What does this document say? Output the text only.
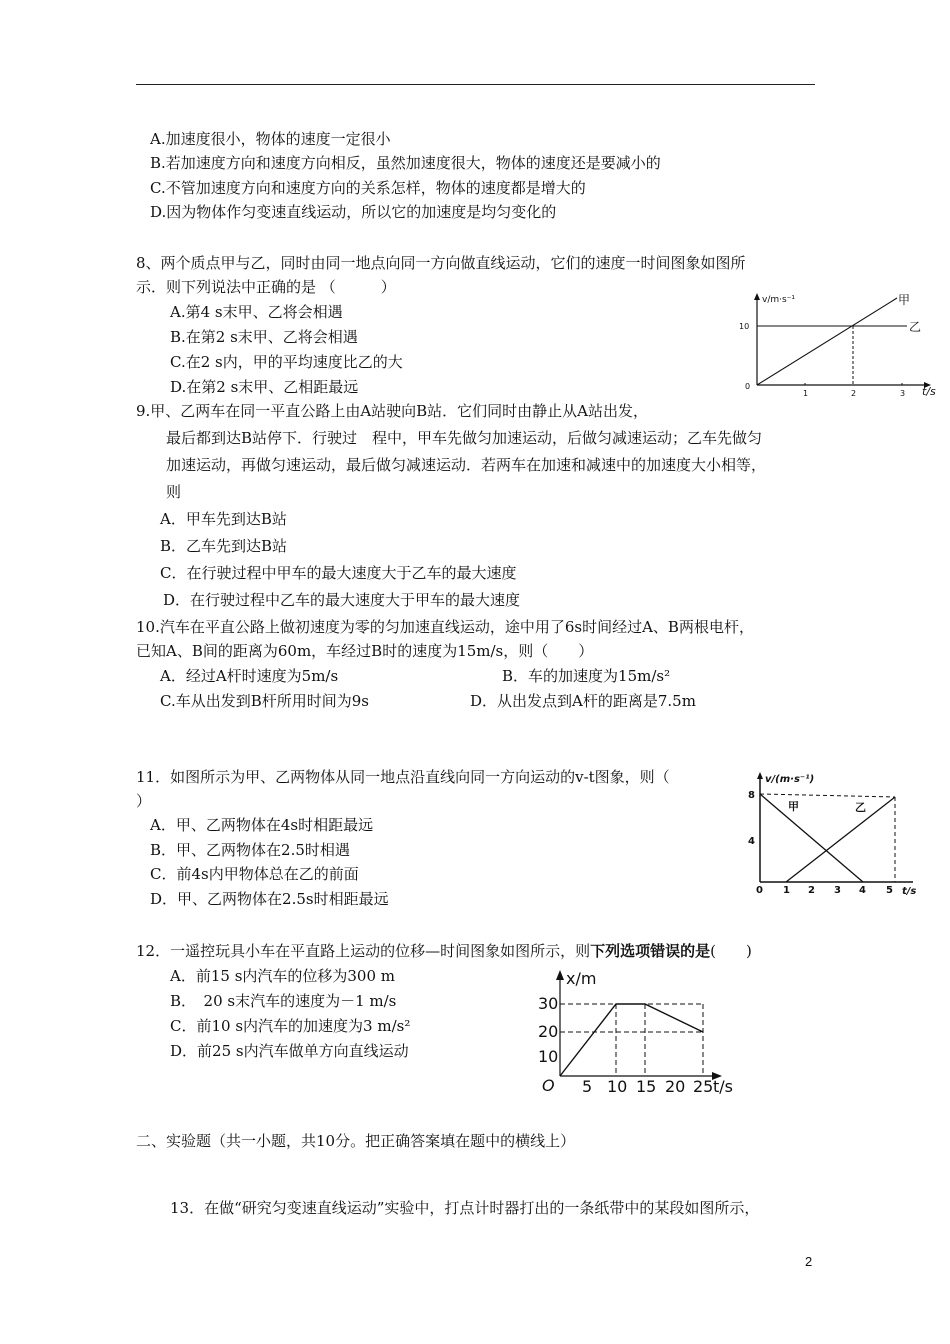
A.加速度很小，物体的速度一定很小
B.若加速度方向和速度方向相反，虽然加速度很大，物体的速度还是要减小的
C.不管加速度方向和速度方向的关系怎样，物体的速度都是增大的
D.因为物体作匀变速直线运动，所以它的加速度是均匀变化的
8、两个质点甲与乙，同时由同一地点向同一方向做直线运动，它们的速度一时间图象如图所
示．则下列说法中正确的是 （　　　）
A.第4 s末甲、乙将会相遇
B.在第2 s末甲、乙将会相遇
C.在2 s内，甲的平均速度比乙的大
D.在第2 s末甲、乙相距最远
v/m·s⁻¹
t/s
0
10
1	2	3
甲
乙
9.甲、乙两车在同一平直公路上由A站驶向B站．它们同时由静止从A站出发，
最后都到达B站停下．行驶过　程中，甲车先做匀加速运动，后做匀减速运动；乙车先做匀
加速运动，再做匀速运动，最后做匀减速运动．若两车在加速和减速中的加速度大小相等，
则
A．甲车先到达B站
B．乙车先到达B站
C．在行驶过程中甲车的最大速度大于乙车的最大速度
D．在行驶过程中乙车的最大速度大于甲车的最大速度
10.汽车在平直公路上做初速度为零的匀加速直线运动，途中用了6s时间经过A、B两根电杆，
已知A、B间的距离为60m，车经过B时的速度为15m/s，则（　　）
A．经过A杆时速度为5m/s	B．车的加速度为15m/s²
C.车从出发到B杆所用时间为9s	D．从出发点到A杆的距离是7.5m
11．如图所示为甲、乙两物体从同一地点沿直线向同一方向运动的v-t图象，则（
）
A．甲、乙两物体在4s时相距最远
B．甲、乙两物体在2.5时相遇
C．前4s内甲物体总在乙的前面
D．甲、乙两物体在2.5s时相距最远
v/(m·s⁻¹)
t/s
8
4
甲	乙
0 1 2 3 4 5
12．一遥控玩具小车在平直路上运动的位移—时间图象如图所示，则下列选项错误的是(　　)
A．前15 s内汽车的位移为300 m
B．　20 s末汽车的速度为－1 m/s
C．前10 s内汽车的加速度为3 m/s²
D．前25 s内汽车做单方向直线运动
x/m
t/s
O
30
20
10
5 10 15 20 25
二、实验题（共一小题，共10分。把正确答案填在题中的横线上）
13．在做“研究匀变速直线运动”实验中，打点计时器打出的一条纸带中的某段如图所示，
2
